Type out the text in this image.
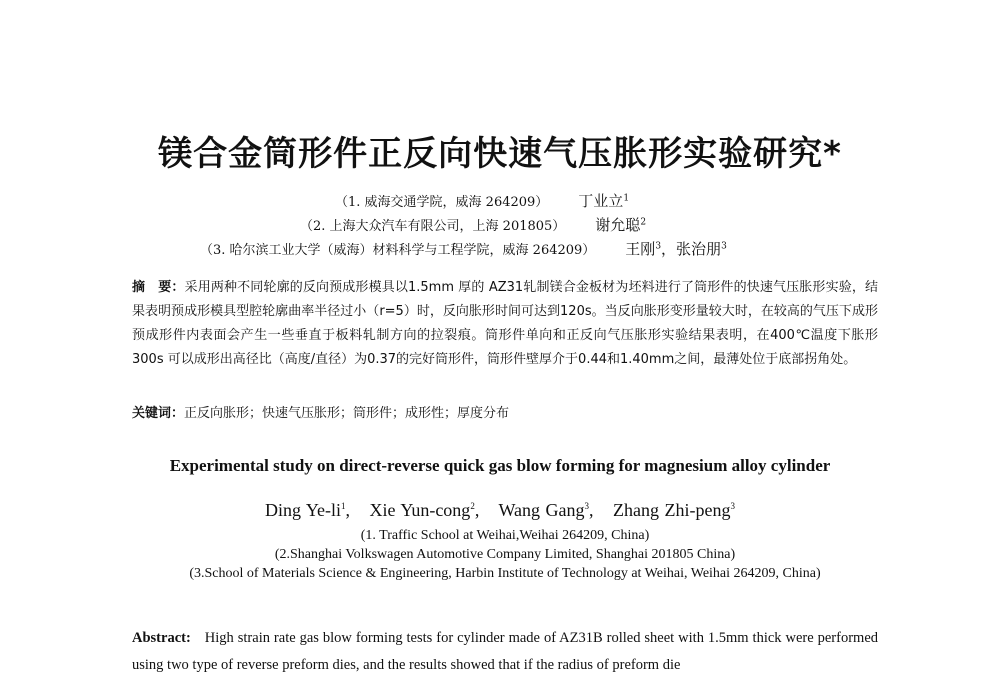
镁合金筒形件正反向快速气压胀形实验研究*
（1. 威海交通学院，威海 264209） 丁业立$^1$
（2. 上海大众汽车有限公司，上海 201805） 谢允聪$^2$
（3. 哈尔滨工业大学（威海）材料科学与工程学院，威海 264209） 王刚$^3$，张治朋$^3$

摘　要：采用两种不同轮廓的反向预成形模具以1.5mm 厚的 AZ31轧制镁合金板材为坯料进行了筒形件的快速气压胀形实验，结果表明预成形模具型腔轮廓曲率半径过小（r=5）时，反向胀形时间可达到120s。当反向胀形变形量较大时，在较高的气压下成形预成形件内表面会产生一些垂直于板料轧制方向的拉裂痕。筒形件单向和正反向气压胀形实验结果表明，在400℃温度下胀形300s 可以成形出高径比（高度/直径）为0.37的完好筒形件，筒形件壁厚介于0.44和1.40mm之间，最薄处位于底部拐角处。

关键词：正反向胀形；快速气压胀形；筒形件；成形性；厚度分布

Experimental study on direct-reverse quick gas blow forming for magnesium alloy cylinder

Ding $Ye-li^1$, Xie Yun-cong$^2$, Wang Gang$^3$, Zhang Zhi-peng$^3$

(1. Traffic School at Weihai,Weihai 264209, China)

(2.Shanghai Volkswagen Automotive Company Limited, Shanghai 201805 China)

(3.School of Materials Science & Engineering, Harbin Institute of Technology at Weihai, Weihai 264209, China)

Abstract: High strain rate gas blow forming tests for cylinder made of AZ31B rolled sheet with 1.5mm thick were performed using two type of reverse preform dies, and the results showed that if the radius of preform die
